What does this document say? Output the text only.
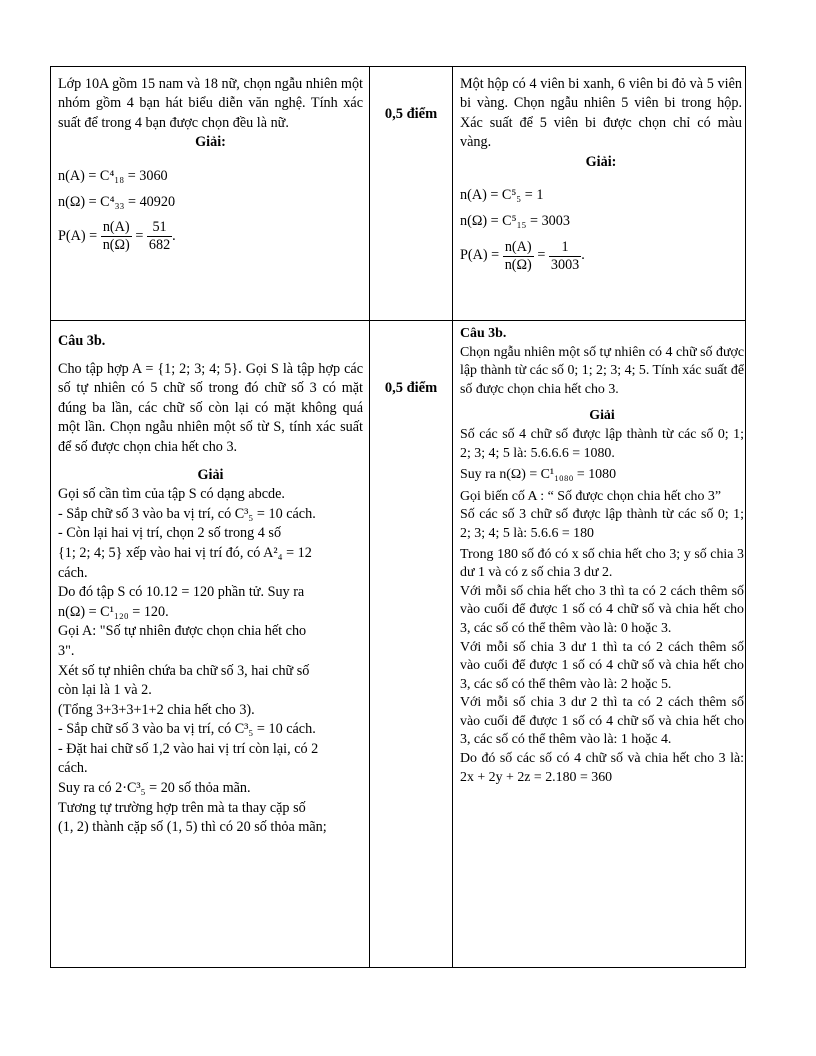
Lớp 10A gồm 15 nam và 18 nữ, chọn ngẫu nhiên một nhóm gồm 4 bạn hát biểu diễn văn nghệ. Tính xác suất để trong 4 bạn được chọn đều là nữ.

Giải:

n(A) = C⁴₁₈ = 3060

n(Ω) = C⁴₃₃ = 40920

P(A) =
$\frac{n(A)}{n(\Omega)}$
=
$\frac{51}{682}$ .
0,5 điểm

Một hộp có 4 viên bi xanh, 6 viên bi đỏ và 5 viên bi vàng. Chọn ngẫu nhiên 5 viên bi trong hộp. Xác suất để 5 viên bi được chọn chỉ có màu vàng.

Giải:

n(A) = C⁵₅ = 1

n(Ω) = C⁵₁₅ = 3003

P(A) =
$\frac{n(A)}{n(\Omega)}$
=
$\frac{1}{3003}$ .

Câu 3b.

Cho tập hợp A = {1; 2; 3; 4; 5}. Gọi S là tập hợp các số tự nhiên có 5 chữ số trong đó chữ số 3 có mặt đúng ba lần, các chữ số còn lại có mặt không quá một lần. Chọn ngẫu nhiên một số từ S, tính xác suất để số được chọn chia hết cho 3.

Giải

Gọi số cần tìm của tập S có dạng abcde.

- Sắp chữ số 3 vào ba vị trí, có C³₅ = 10 cách.

- Còn lại hai vị trí, chọn 2 số trong 4 số

{1; 2; 4; 5} xếp vào hai vị trí đó, có A²₄ = 12

cách.

Do đó tập S có 10.12 = 120 phần tử. Suy ra

n(Ω) = C¹₁₂₀ = 120.

Gọi A: "Số tự nhiên được chọn chia hết cho

3".

Xét số tự nhiên chứa ba chữ số 3, hai chữ số

còn lại là 1 và 2.

(Tổng 3+3+3+1+2 chia hết cho 3).

- Sắp chữ số 3 vào ba vị trí, có C³₅ = 10 cách.

- Đặt hai chữ số 1,2 vào hai vị trí còn lại, có 2

cách.

Suy ra có 2·C³₅ = 20 số thỏa mãn.

Tương tự trường hợp trên mà ta thay cặp số

(1, 2) thành cặp số (1, 5) thì có 20 số thỏa mãn;

0,5 điểm

Câu 3b.

Chọn ngẫu nhiên một số tự nhiên có 4 chữ số được lập thành từ các số 0; 1; 2; 3; 4; 5. Tính xác suất để số được chọn chia hết cho 3.

Giải

Số các số 4 chữ số được lập thành từ các số 0; 1; 2; 3; 4; 5 là: 5.6.6.6 = 1080.

Suy ra n(Ω) = C¹₁₀₈₀ = 1080

Gọi biến cố A : “ Số được chọn chia hết cho 3”

Số các số 3 chữ số được lập thành từ các số 0; 1; 2; 3; 4; 5 là: 5.6.6 = 180

Trong 180 số đó có x số chia hết cho 3; y số chia 3 dư 1 và có z số chia 3 dư 2.

Với mỗi số chia hết cho 3 thì ta có 2 cách thêm số vào cuối để được 1 số có 4 chữ số và chia hết cho 3, các số có thể thêm vào là: 0 hoặc 3.

Với mỗi số chia 3 dư 1 thì ta có 2 cách thêm số vào cuối để được 1 số có 4 chữ số và chia hết cho 3, các số có thể thêm vào là: 2 hoặc 5.

Với mỗi số chia 3 dư 2 thì ta có 2 cách thêm số vào cuối để được 1 số có 4 chữ số và chia hết cho 3, các số có thể thêm vào là: 1 hoặc 4.

Do đó số các số có 4 chữ số và chia hết cho 3 là: 2x + 2y + 2z = 2.180 = 360
